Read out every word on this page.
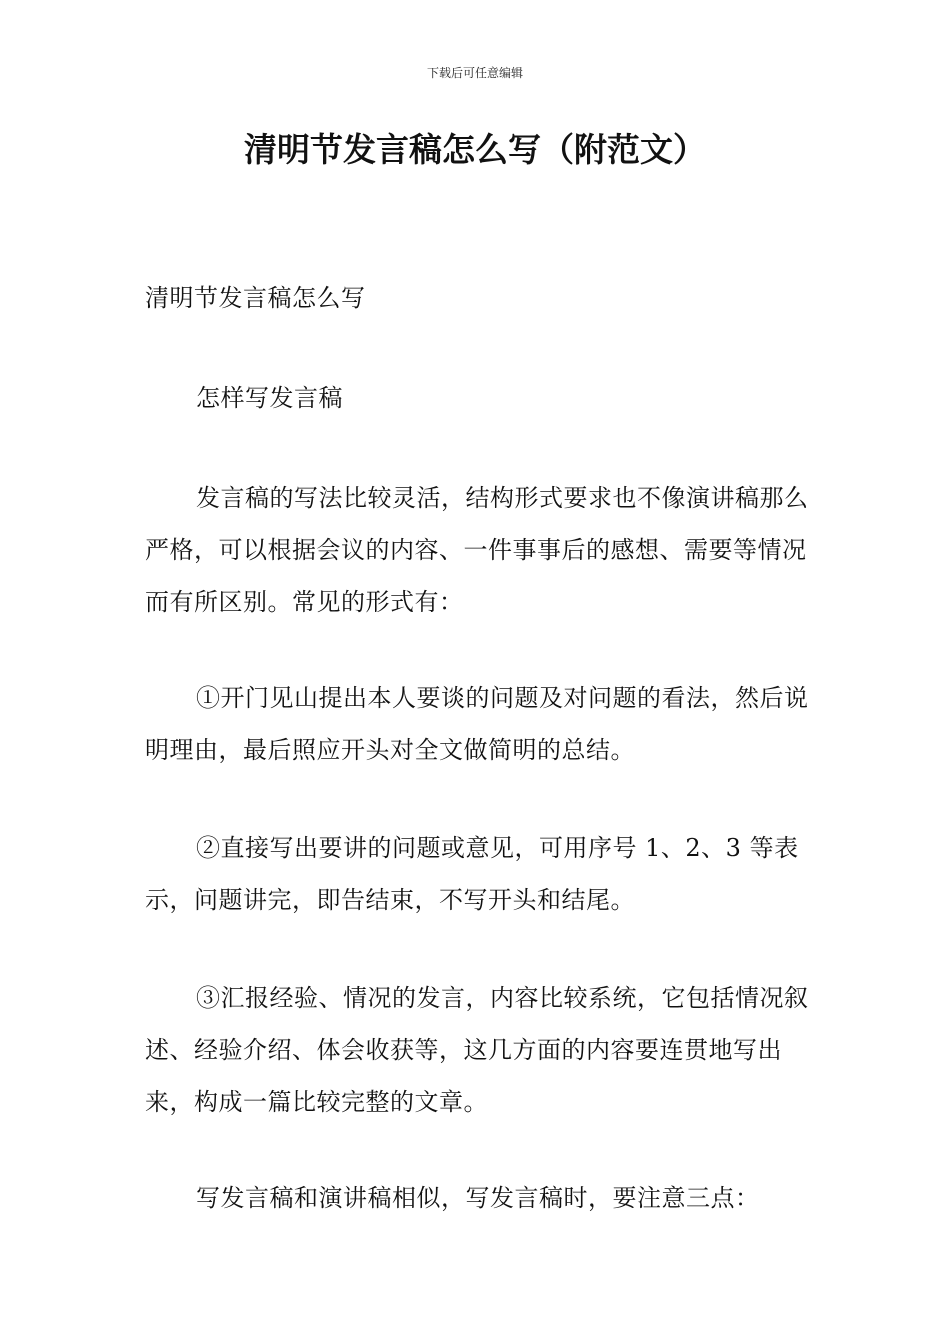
下载后可任意编辑
清明节发言稿怎么写（附范文）

清明节发言稿怎么写

怎样写发言稿

发言稿的写法比较灵活，结构形式要求也不像演讲稿那么严格，可以根据会议的内容、一件事事后的感想、需要等情况而有所区别。常见的形式有：

①开门见山提出本人要谈的问题及对问题的看法，然后说明理由，最后照应开头对全文做简明的总结。

②直接写出要讲的问题或意见，可用序号 1、2、3 等表示，问题讲完，即告结束，不写开头和结尾。

③汇报经验、情况的发言，内容比较系统，它包括情况叙述、经验介绍、体会收获等，这几方面的内容要连贯地写出来，构成一篇比较完整的文章。

写发言稿和演讲稿相似，写发言稿时，要注意三点：
